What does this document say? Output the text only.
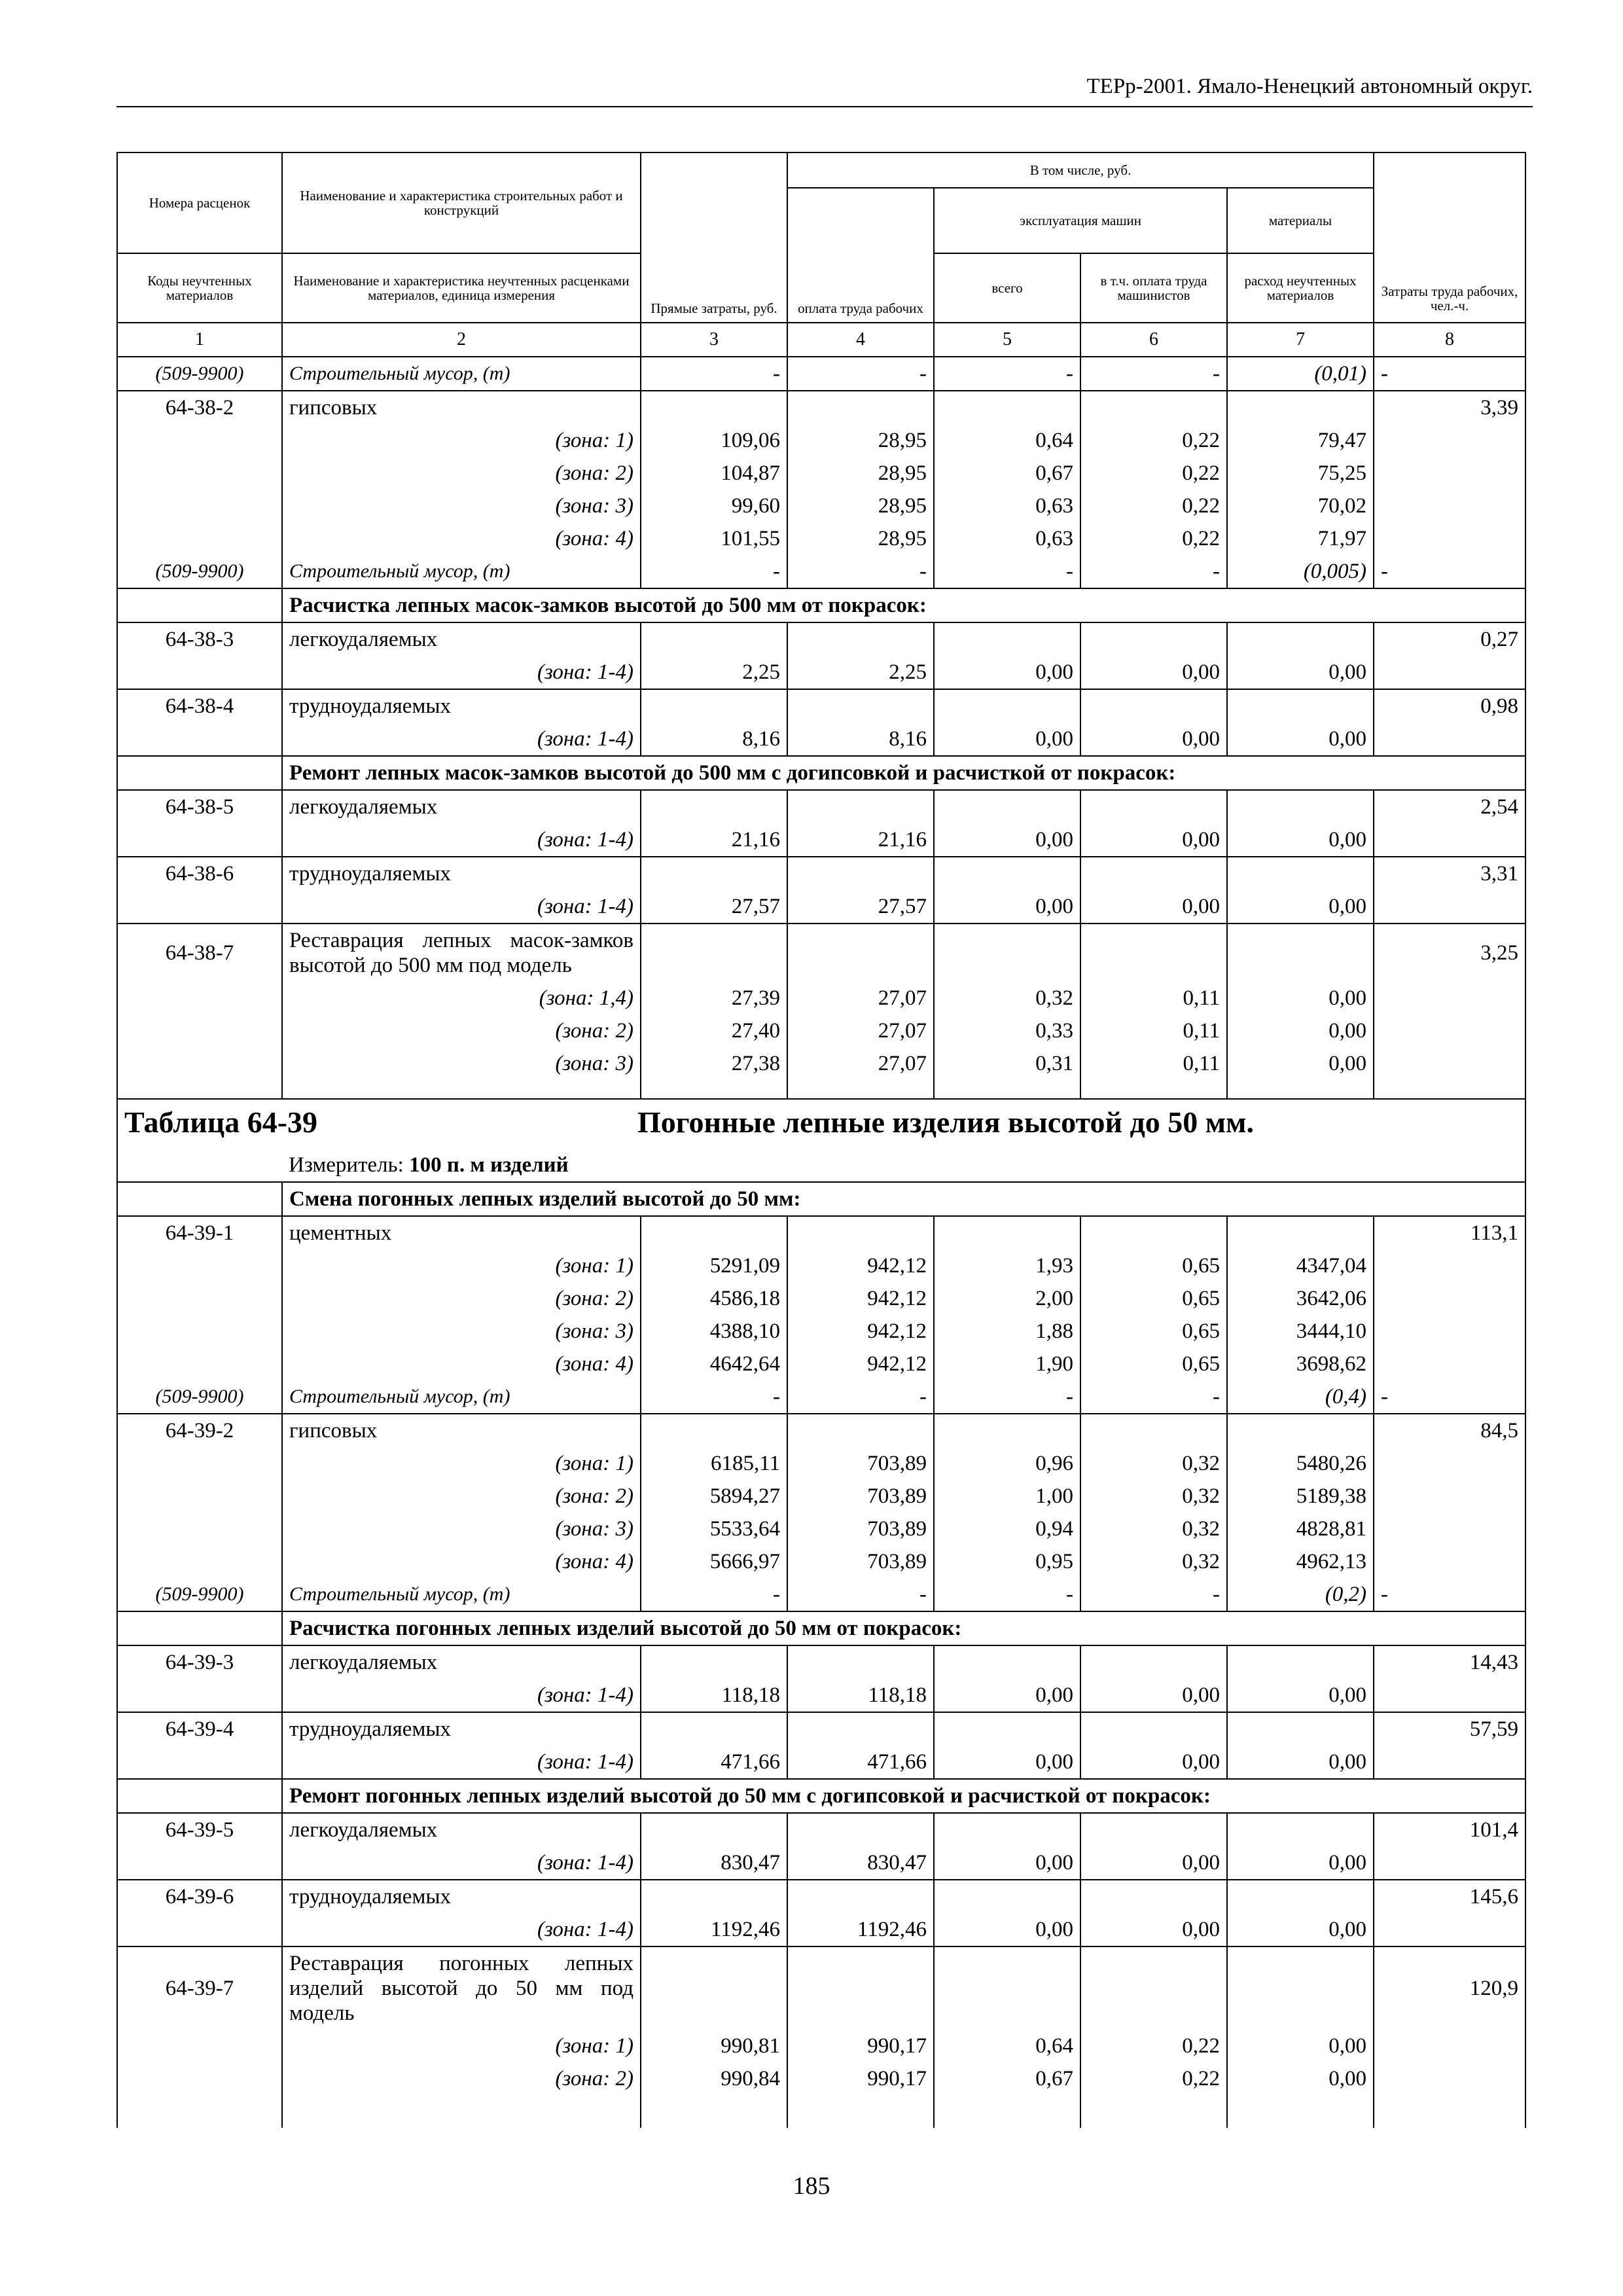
ТЕРр-2001. Ямало-Ненецкий автономный округ.
Номера расценок	Наименование и характеристика строительных работ и конструкций	Прямые затраты, руб.	В том числе, руб.				Затраты труда рабочих, чел.-ч.
			оплата труда рабочих	эксплуатация машин		материалы	
Коды неучтенных материалов	Наименование и характеристика неучтенных расценками материалов, единица измерения			всего	в т.ч. оплата труда машинистов	расход неучтенных материалов	
1	2	3	4	5	6	7	8
(509-9900)	Строительный мусор, (т)	-	-	-	-	(0,01)	-
64-38-2	гипсовых						3,39
	(зона: 1)	109,06	28,95	0,64	0,22	79,47	
	(зона: 2)	104,87	28,95	0,67	0,22	75,25	
	(зона: 3)	99,60	28,95	0,63	0,22	70,02	
	(зона: 4)	101,55	28,95	0,63	0,22	71,97	
(509-9900)	Строительный мусор, (т)	-	-	-	-	(0,005)	-
	Расчистка лепных масок-замков высотой до 500 мм от покрасок:						
64-38-3	легкоудаляемых						0,27
	(зона: 1-4)	2,25	2,25	0,00	0,00	0,00	
64-38-4	трудноудаляемых						0,98
	(зона: 1-4)	8,16	8,16	0,00	0,00	0,00	
	Ремонт лепных масок-замков высотой до 500 мм с догипсовкой и расчисткой от покрасок:						
64-38-5	легкоудаляемых						2,54
	(зона: 1-4)	21,16	21,16	0,00	0,00	0,00	
64-38-6	трудноудаляемых						3,31
	(зона: 1-4)	27,57	27,57	0,00	0,00	0,00	
64-38-7	Реставрация лепных масок-замков высотой до 500 мм под модель						3,25
	(зона: 1,4)	27,39	27,07	0,32	0,11	0,00	
	(зона: 2)	27,40	27,07	0,33	0,11	0,00	
	(зона: 3)	27,38	27,07	0,31	0,11	0,00	

Таблица 64-39 Погонные лепные изделия высотой до 50 мм.							
	Измеритель: 100 п. м изделий						
	Смена погонных лепных изделий высотой до 50 мм:						
64-39-1	цементных						113,1
	(зона: 1)	5291,09	942,12	1,93	0,65	4347,04	
	(зона: 2)	4586,18	942,12	2,00	0,65	3642,06	
	(зона: 3)	4388,10	942,12	1,88	0,65	3444,10	
	(зона: 4)	4642,64	942,12	1,90	0,65	3698,62	
(509-9900)	Строительный мусор, (т)	-	-	-	-	(0,4)	-
64-39-2	гипсовых						84,5
	(зона: 1)	6185,11	703,89	0,96	0,32	5480,26	
	(зона: 2)	5894,27	703,89	1,00	0,32	5189,38	
	(зона: 3)	5533,64	703,89	0,94	0,32	4828,81	
	(зона: 4)	5666,97	703,89	0,95	0,32	4962,13	
(509-9900)	Строительный мусор, (т)	-	-	-	-	(0,2)	-
	Расчистка погонных лепных изделий высотой до 50 мм от покрасок:						
64-39-3	легкоудаляемых						14,43
	(зона: 1-4)	118,18	118,18	0,00	0,00	0,00	
64-39-4	трудноудаляемых						57,59
	(зона: 1-4)	471,66	471,66	0,00	0,00	0,00	
	Ремонт погонных лепных изделий высотой до 50 мм с догипсовкой и расчисткой от покрасок:						
64-39-5	легкоудаляемых						101,4
	(зона: 1-4)	830,47	830,47	0,00	0,00	0,00	
64-39-6	трудноудаляемых						145,6
	(зона: 1-4)	1192,46	1192,46	0,00	0,00	0,00	
64-39-7	Реставрация погонных лепных изделий высотой до 50 мм под модель						120,9
	(зона: 1)	990,81	990,17	0,64	0,22	0,00	
	(зона: 2)	990,84	990,17	0,67	0,22	0,00	

185
